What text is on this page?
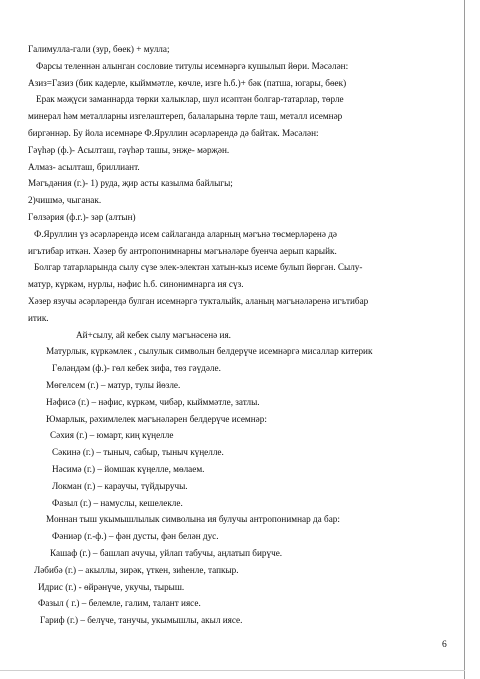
Галимулла-гали (зур, бөек) + мулла;
Фарсы теленнән алынган сословие титулы исемнәргә кушылып йөри. Мәсәлән:
Азиз=Газиз (бик кадерле, кыйммәтле, көчле, изге һ.б.)+ бәк (патша, югары, бөек)
Ерак мәҗүси заманнарда төрки халыклар, шул исәптән болгар-татарлар, төрле
минерал һәм металларны изгеләштереп, балаларына төрле таш, металл исемнәр
биргәннәр. Бу йола исемнәре Ф.Яруллин әсәрләрендә дә байтак. Мәсәлән:
Гәүһәр (ф.)- Асылташ, гәүһәр ташы, энҗе- мәрҗән.
Алмаз- асылташ, бриллиант.
Мәгъдәния (г.)- 1) руда, җир асты казылма байлыгы;
2)чишмә, чыганак.
Гөлзәрия (ф.г.)- зәр (алтын)
Ф.Яруллин үз әсәрләрендә исем сайлаганда аларның мәгънә төсмерләренә дә
игътибар иткән. Хәзер бу антропонимнарны мәгънәләре буенча аерып карыйк.
Болгар татарларында сылу сүзе элек-электән хатын-кыз исеме булып йөргән. Сылу-
матур, күркәм, нурлы, нәфис һ.б. синонимнарга ия сүз.
Хәзер язучы әсәрләрендә булган исемнәргә тукталыйк, аланың мәгънәләренә игътибар
итик.
Ай+сылу, ай кебек сылу мәгънәсенә ия.
Матурлык, күркәмлек , сылулык символын белдерүче исемнәргә мисаллар китерик
Гөләндәм (ф.)- гөл кебек зифа, төз гәүдәле.
Мөгелсем (г.) – матур, тулы йөзле.
Нәфисә (г.) – нәфис, күркәм, чибәр, кыйммәтле, затлы.
Юмарлык, рәхимлелек мәгънәләрен белдерүче исемнәр:
Сәхия (г.) – юмарт, киң күңелле
Сәкинә (г.) – тыныч, сабыр, тыныч күңелле.
Нәсимә (г.) – йомшак күңелле, мөлаем.
Локман (г.) – караучы, түйдыручы.
Фазыл (г.) – намуслы, кешелекле.
Моннан тыш укымышлылык символына ия булучы антропонимнар да бар:
Фәниәр (г.-ф.) – фән дусты, фән белән дус.
Кашаф (г.) – башлап ачучы, уйлап табучы, аңлатып бирүче.
Ләбибә (г.) – акыллы, зирәк, үткен, зиһенле, тапкыр.
Идрис (г.) - өйрәнүче, укучы, тырыш.
Фазыл ( г.) – белемле, галим, талант иясе.
Гариф (г.) – белүче, танучы, укымышлы, акыл иясе.
6
